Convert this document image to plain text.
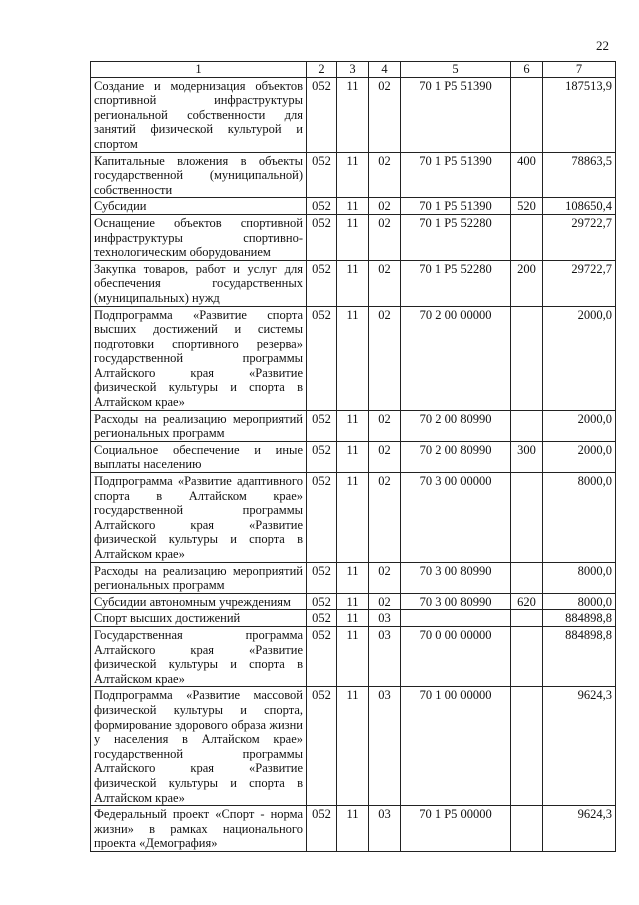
22
1	2	3	4	5	6	7
Создание и модернизация объектов спортивной инфраструктуры региональной собственности для занятий физической культурой и спортом	052	11	02	70 1 P5 51390		187513,9
Капитальные вложения в объекты государственной (муниципальной) собственности	052	11	02	70 1 P5 51390	400	78863,5
Субсидии	052	11	02	70 1 P5 51390	520	108650,4
Оснащение объектов спортивной инфраструктуры спортивно-технологическим оборудованием	052	11	02	70 1 P5 52280		29722,7
Закупка товаров, работ и услуг для обеспечения государственных (муниципальных) нужд	052	11	02	70 1 P5 52280	200	29722,7
Подпрограмма «Развитие спорта высших достижений и системы подготовки спортивного резерва» государственной программы Алтайского края «Развитие физической культуры и спорта в Алтайском крае»	052	11	02	70 2 00 00000		2000,0
Расходы на реализацию мероприятий региональных программ	052	11	02	70 2 00 80990		2000,0
Социальное обеспечение и иные выплаты населению	052	11	02	70 2 00 80990	300	2000,0
Подпрограмма «Развитие адаптивного спорта в Алтайском крае» государственной программы Алтайского края «Развитие физической культуры и спорта в Алтайском крае»	052	11	02	70 3 00 00000		8000,0
Расходы на реализацию мероприятий региональных программ	052	11	02	70 3 00 80990		8000,0
Субсидии автономным учреждениям	052	11	02	70 3 00 80990	620	8000,0
Спорт высших достижений	052	11	03			884898,8
Государственная программа Алтайского края «Развитие физической культуры и спорта в Алтайском крае»	052	11	03	70 0 00 00000		884898,8
Подпрограмма «Развитие массовой физической культуры и спорта, формирование здорового образа жизни у населения в Алтайском крае» государственной программы Алтайского края «Развитие физической культуры и спорта в Алтайском крае»	052	11	03	70 1 00 00000		9624,3
Федеральный проект «Спорт - норма жизни» в рамках национального проекта «Демография»	052	11	03	70 1 P5 00000		9624,3
